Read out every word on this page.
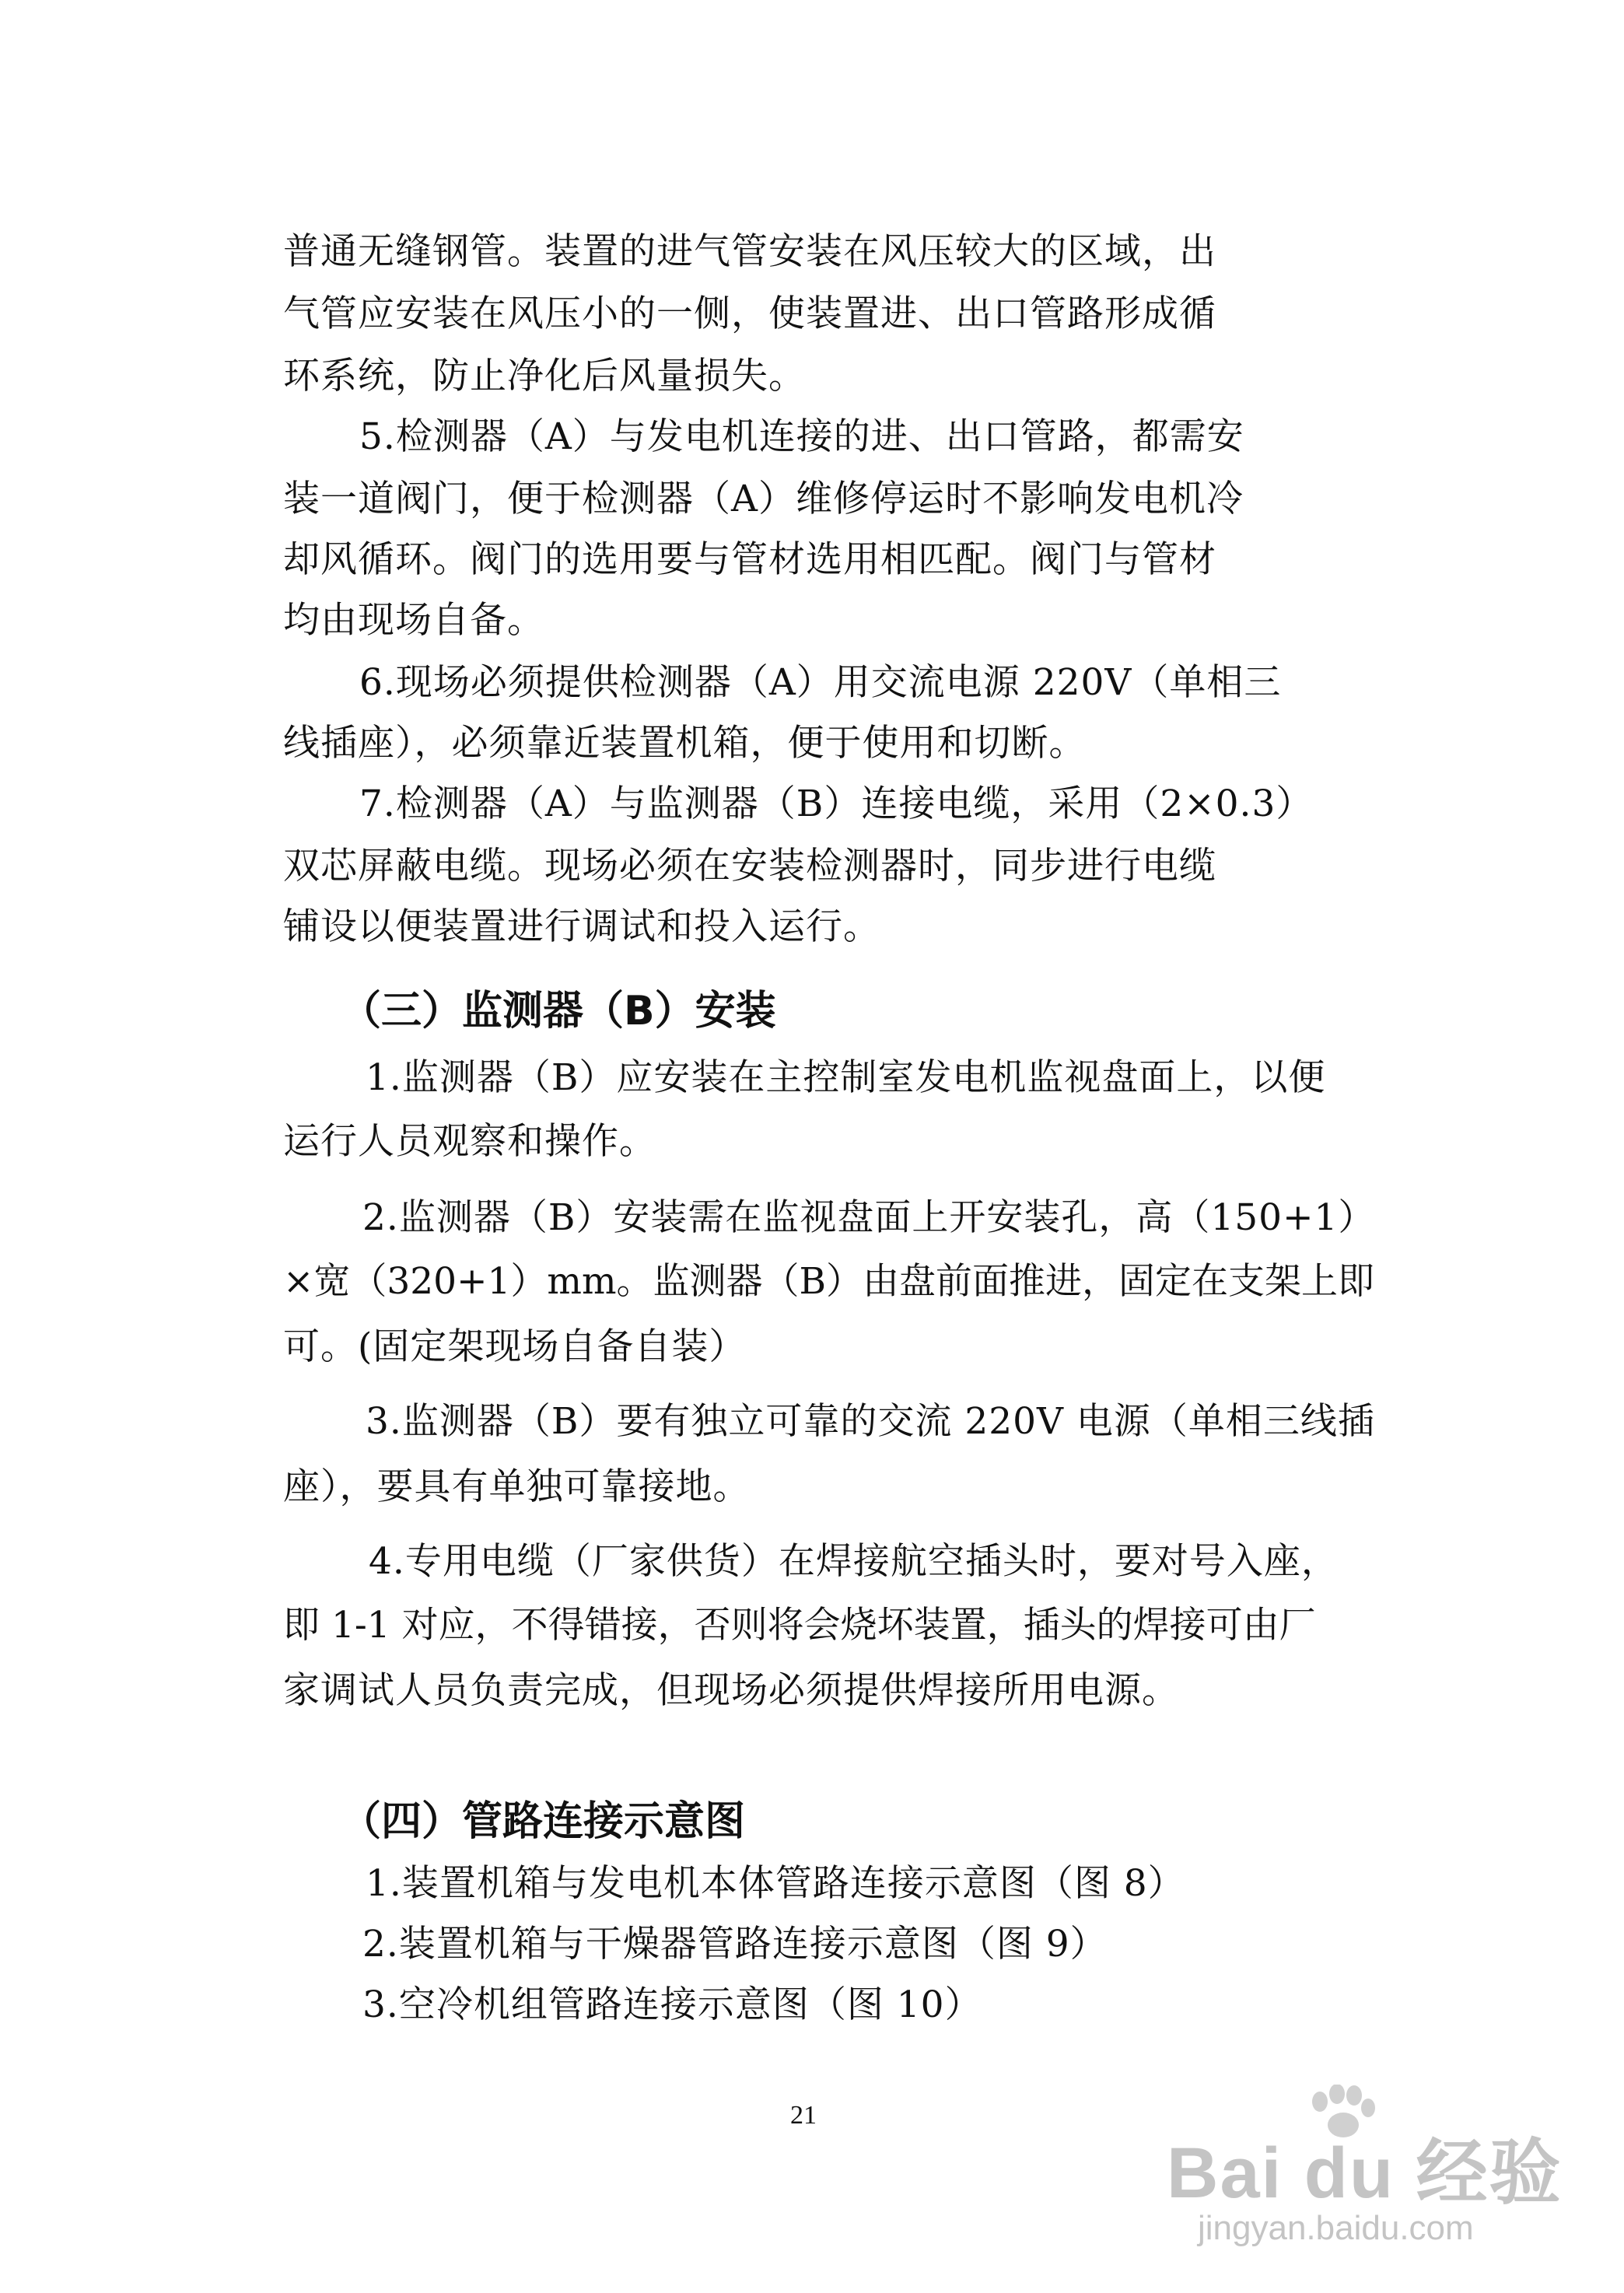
普通无缝钢管。装置的进气管安装在风压较大的区域，出
气管应安装在风压小的一侧，使装置进、出口管路形成循
环系统，防止净化后风量损失。
5.检测器（A）与发电机连接的进、出口管路，都需安
装一道阀门，便于检测器（A）维修停运时不影响发电机冷
却风循环。阀门的选用要与管材选用相匹配。阀门与管材
均由现场自备。
6.现场必须提供检测器（A）用交流电源 220V（单相三
线插座），必须靠近装置机箱，便于使用和切断。
7.检测器（A）与监测器（B）连接电缆，采用（2×0.3）
双芯屏蔽电缆。现场必须在安装检测器时，同步进行电缆
铺设以便装置进行调试和投入运行。
（三）监测器（B）安装
1.监测器（B）应安装在主控制室发电机监视盘面上，以便
运行人员观察和操作。
2.监测器（B）安装需在监视盘面上开安装孔，高（150+1）
×宽（320+1）mm。监测器（B）由盘前面推进，固定在支架上即
可。(固定架现场自备自装）
3.监测器（B）要有独立可靠的交流 220V 电源（单相三线插
座），要具有单独可靠接地。
4.专用电缆（厂家供货）在焊接航空插头时，要对号入座，
即 1-1 对应，不得错接，否则将会烧坏装置，插头的焊接可由厂
家调试人员负责完成，但现场必须提供焊接所用电源。
（四）管路连接示意图
1.装置机箱与发电机本体管路连接示意图（图 8）
2.装置机箱与干燥器管路连接示意图（图 9）
3.空冷机组管路连接示意图（图 10）
21
Bai du 经验
jingyan.baidu.com
